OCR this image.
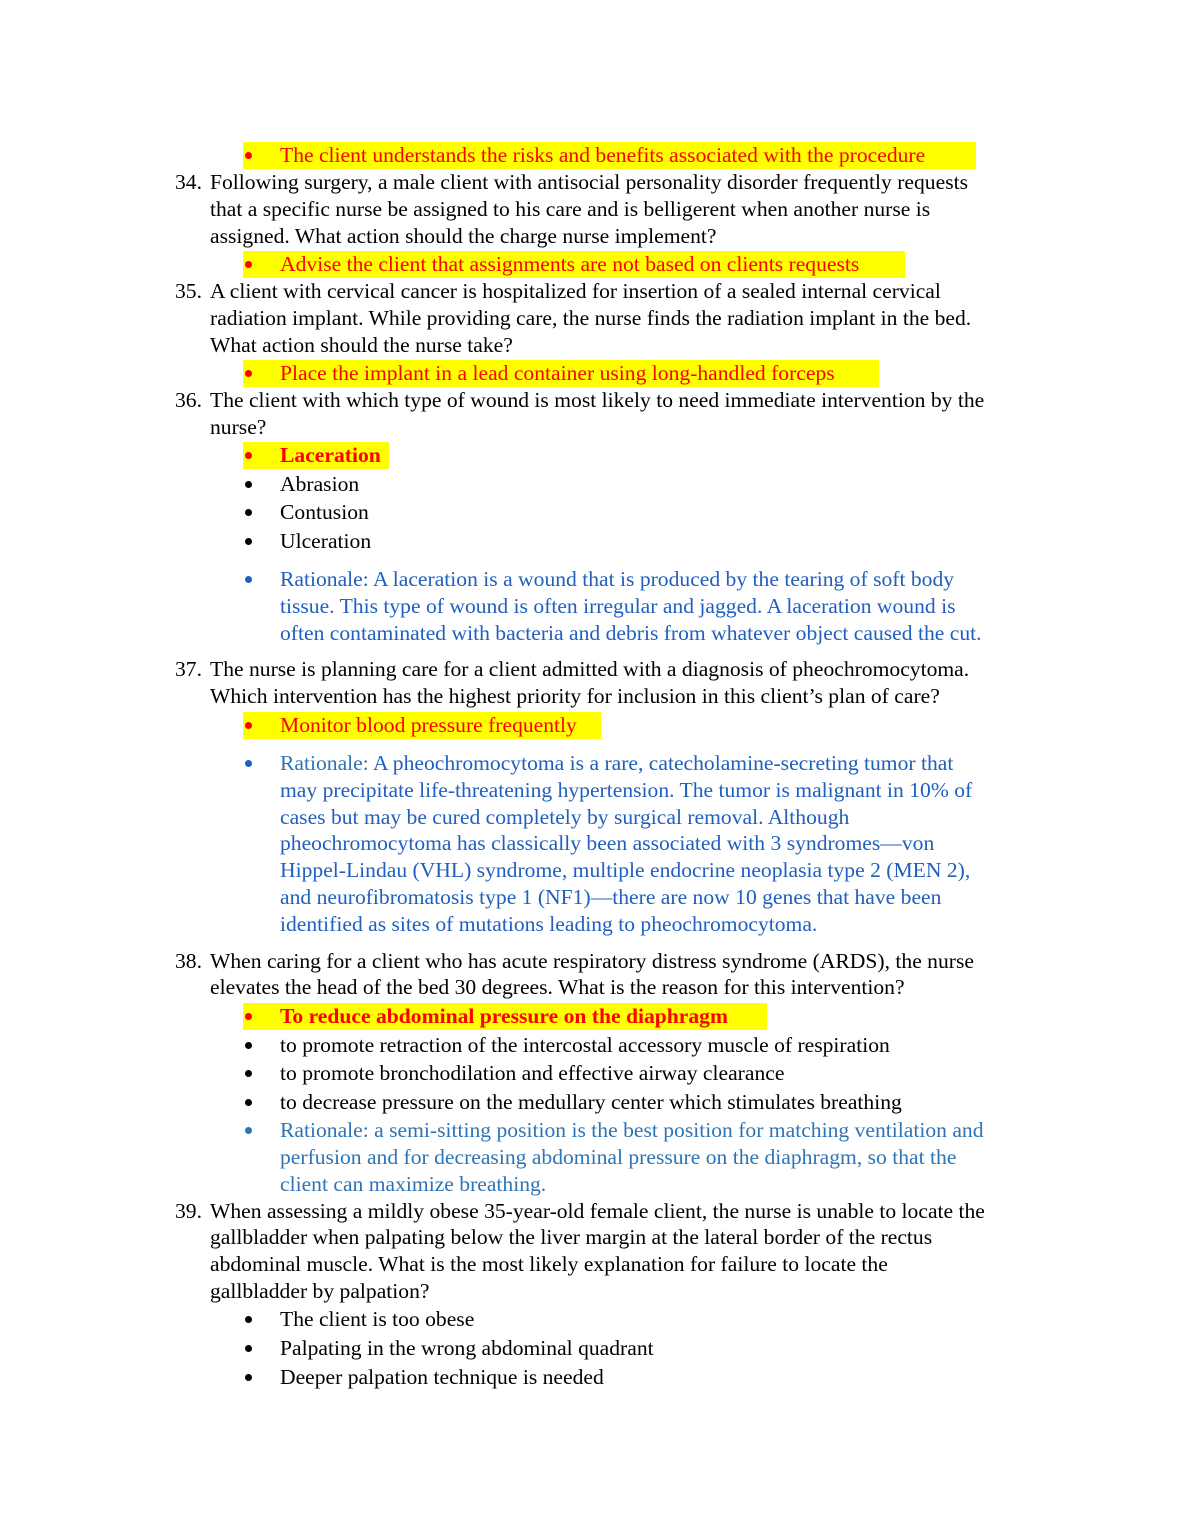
The client understands the risks and benefits associated with the procedure
34. Following surgery, a male client with antisocial personality disorder frequently requests
that a specific nurse be assigned to his care and is belligerent when another nurse is
assigned. What action should the charge nurse implement?
Advise the client that assignments are not based on clients requests
35. A client with cervical cancer is hospitalized for insertion of a sealed internal cervical
radiation implant. While providing care, the nurse finds the radiation implant in the bed.
What action should the nurse take?
Place the implant in a lead container using long-handled forceps
36. The client with which type of wound is most likely to need immediate intervention by the
nurse?
Laceration
Abrasion
Contusion
Ulceration
Rationale: A laceration is a wound that is produced by the tearing of soft body
tissue. This type of wound is often irregular and jagged. A laceration wound is
often contaminated with bacteria and debris from whatever object caused the cut.
37. The nurse is planning care for a client admitted with a diagnosis of pheochromocytoma.
Which intervention has the highest priority for inclusion in this client’s plan of care?
Monitor blood pressure frequently
Rationale: A pheochromocytoma is a rare, catecholamine-secreting tumor that
may precipitate life-threatening hypertension. The tumor is malignant in 10% of
cases but may be cured completely by surgical removal. Although
pheochromocytoma has classically been associated with 3 syndromes—von
Hippel-Lindau (VHL) syndrome, multiple endocrine neoplasia type 2 (MEN 2),
and neurofibromatosis type 1 (NF1)—there are now 10 genes that have been
identified as sites of mutations leading to pheochromocytoma.
38. When caring for a client who has acute respiratory distress syndrome (ARDS), the nurse
elevates the head of the bed 30 degrees. What is the reason for this intervention?
To reduce abdominal pressure on the diaphragm
to promote retraction of the intercostal accessory muscle of respiration
to promote bronchodilation and effective airway clearance
to decrease pressure on the medullary center which stimulates breathing
Rationale: a semi-sitting position is the best position for matching ventilation and
perfusion and for decreasing abdominal pressure on the diaphragm, so that the
client can maximize breathing.
39. When assessing a mildly obese 35-year-old female client, the nurse is unable to locate the
gallbladder when palpating below the liver margin at the lateral border of the rectus
abdominal muscle. What is the most likely explanation for failure to locate the
gallbladder by palpation?
The client is too obese
Palpating in the wrong abdominal quadrant
Deeper palpation technique is needed
